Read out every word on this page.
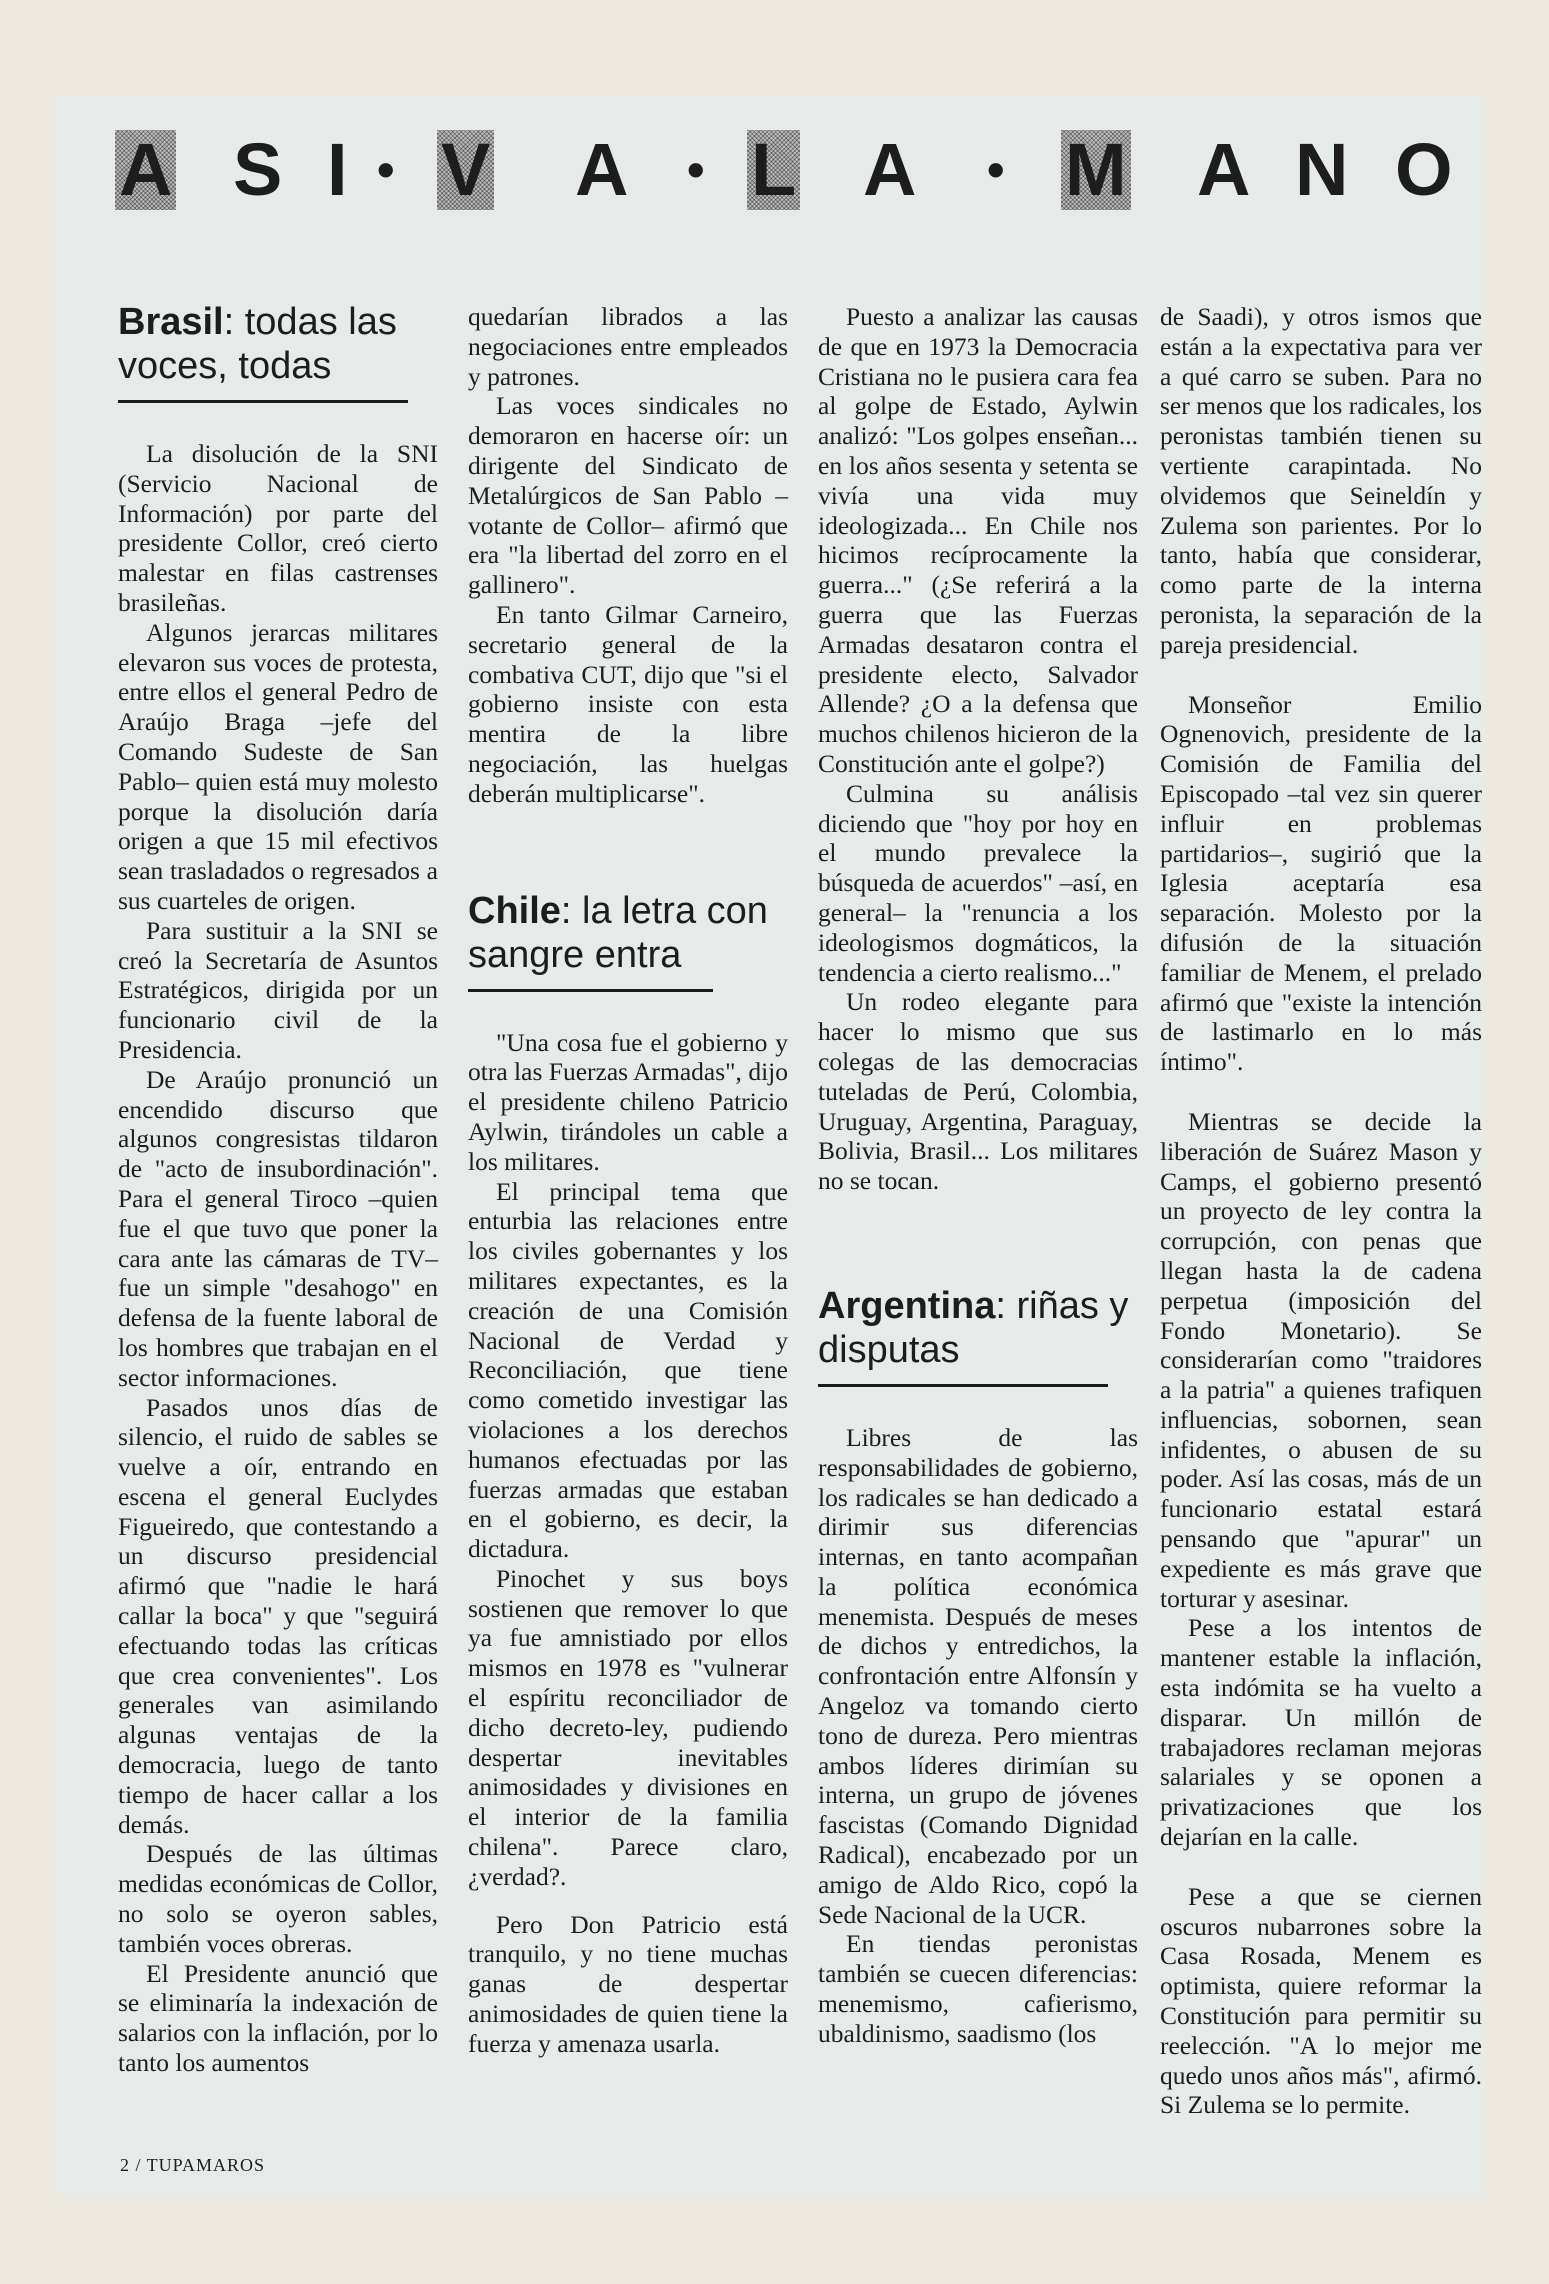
A S I • V A • L A • M A N O
Brasil: todas las voces, todas

La disolución de la SNI (Servicio Nacional de Información) por parte del presidente Collor, creó cierto malestar en filas castrenses brasileñas.

Algunos jerarcas militares elevaron sus voces de protesta, entre ellos el general Pedro de Araújo Braga –jefe del Comando Sudeste de San Pablo– quien está muy molesto porque la disolución daría origen a que 15 mil efectivos sean trasladados o regresados a sus cuarteles de origen.

Para sustituir a la SNI se creó la Secretaría de Asuntos Estratégicos, dirigida por un funcionario civil de la Presidencia.

De Araújo pronunció un encendido discurso que algunos congresistas tildaron de "acto de insubordinación". Para el general Tiroco –quien fue el que tuvo que poner la cara ante las cámaras de TV– fue un simple "desahogo" en defensa de la fuente laboral de los hombres que trabajan en el sector informaciones.

Pasados unos días de silencio, el ruido de sables se vuelve a oír, entrando en escena el general Euclydes Figueiredo, que contestando a un discurso presidencial afirmó que "nadie le hará callar la boca" y que "seguirá efectuando todas las críticas que crea convenientes". Los generales van asimilando algunas ventajas de la democracia, luego de tanto tiempo de hacer callar a los demás.

Después de las últimas medidas económicas de Collor, no solo se oyeron sables, también voces obreras.

El Presidente anunció que se eliminaría la indexación de salarios con la inflación, por lo tanto los aumentos

quedarían librados a las negociaciones entre empleados y patrones.

Las voces sindicales no demoraron en hacerse oír: un dirigente del Sindicato de Metalúrgicos de San Pablo –votante de Collor– afirmó que era "la libertad del zorro en el gallinero".

En tanto Gilmar Carneiro, secretario general de la combativa CUT, dijo que "si el gobierno insiste con esta mentira de la libre negociación, las huelgas deberán multiplicarse".

Chile: la letra con sangre entra

"Una cosa fue el gobierno y otra las Fuerzas Armadas", dijo el presidente chileno Patricio Aylwin, tirándoles un cable a los militares.

El principal tema que enturbia las relaciones entre los civiles gobernantes y los militares expectantes, es la creación de una Comisión Nacional de Verdad y Reconciliación, que tiene como cometido investigar las violaciones a los derechos humanos efectuadas por las fuerzas armadas que estaban en el gobierno, es decir, la dictadura.

Pinochet y sus boys sostienen que remover lo que ya fue amnistiado por ellos mismos en 1978 es "vulnerar el espíritu reconciliador de dicho decreto-ley, pudiendo despertar inevitables animosidades y divisiones en el interior de la familia chilena". Parece claro, ¿verdad?.

Pero Don Patricio está tranquilo, y no tiene muchas ganas de despertar animosidades de quien tiene la fuerza y amenaza usarla.

Puesto a analizar las causas de que en 1973 la Democracia Cristiana no le pusiera cara fea al golpe de Estado, Aylwin analizó: "Los golpes enseñan... en los años sesenta y setenta se vivía una vida muy ideologizada... En Chile nos hicimos recíprocamente la guerra..." (¿Se referirá a la guerra que las Fuerzas Armadas desataron contra el presidente electo, Salvador Allende? ¿O a la defensa que muchos chilenos hicieron de la Constitución ante el golpe?)

Culmina su análisis diciendo que "hoy por hoy en el mundo prevalece la búsqueda de acuerdos" –así, en general– la "renuncia a los ideologismos dogmáticos, la tendencia a cierto realismo..."

Un rodeo elegante para hacer lo mismo que sus colegas de las democracias tuteladas de Perú, Colombia, Uruguay, Argentina, Paraguay, Bolivia, Brasil... Los militares no se tocan.

Argentina: riñas y disputas

Libres de las responsabilidades de gobierno, los radicales se han dedicado a dirimir sus diferencias internas, en tanto acompañan la política económica menemista. Después de meses de dichos y entredichos, la confrontación entre Alfonsín y Angeloz va tomando cierto tono de dureza. Pero mientras ambos líderes dirimían su interna, un grupo de jóvenes fascistas (Comando Dignidad Radical), encabezado por un amigo de Aldo Rico, copó la Sede Nacional de la UCR.

En tiendas peronistas también se cuecen diferencias: menemismo, cafierismo, ubaldinismo, saadismo (los

de Saadi), y otros ismos que están a la expectativa para ver a qué carro se suben. Para no ser menos que los radicales, los peronistas también tienen su vertiente carapintada. No olvidemos que Seineldín y Zulema son parientes. Por lo tanto, había que considerar, como parte de la interna peronista, la separación de la pareja presidencial.

Monseñor Emilio Ognenovich, presidente de la Comisión de Familia del Episcopado –tal vez sin querer influir en problemas partidarios–, sugirió que la Iglesia aceptaría esa separación. Molesto por la difusión de la situación familiar de Menem, el prelado afirmó que "existe la intención de lastimarlo en lo más íntimo".

Mientras se decide la liberación de Suárez Mason y Camps, el gobierno presentó un proyecto de ley contra la corrupción, con penas que llegan hasta la de cadena perpetua (imposición del Fondo Monetario). Se considerarían como "traidores a la patria" a quienes trafiquen influencias, sobornen, sean infidentes, o abusen de su poder. Así las cosas, más de un funcionario estatal estará pensando que "apurar" un expediente es más grave que torturar y asesinar.

Pese a los intentos de mantener estable la inflación, esta indómita se ha vuelto a disparar. Un millón de trabajadores reclaman mejoras salariales y se oponen a privatizaciones que los dejarían en la calle.

Pese a que se ciernen oscuros nubarrones sobre la Casa Rosada, Menem es optimista, quiere reformar la Constitución para permitir su reelección. "A lo mejor me quedo unos años más", afirmó. Si Zulema se lo permite.

2 / TUPAMAROS
